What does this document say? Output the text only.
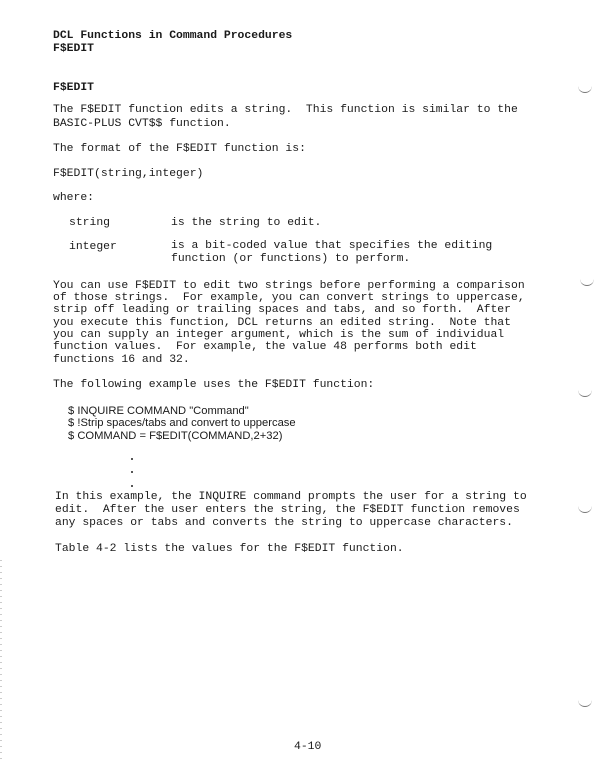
DCL Functions in Command Procedures
F$EDIT
F$EDIT
The F$EDIT function edits a string.  This function is similar to the
BASIC-PLUS CVT$$ function.
The format of the F$EDIT function is:
F$EDIT(string,integer)
where:
string	is the string to edit.
integer	is a bit-coded value that specifies the editing
function (or functions) to perform.
You can use F$EDIT to edit two strings before performing a comparison
of those strings.  For example, you can convert strings to uppercase,
strip off leading or trailing spaces and tabs, and so forth.  After
you execute this function, DCL returns an edited string.  Note that
you can supply an integer argument, which is the sum of individual
function values.  For example, the value 48 performs both edit
functions 16 and 32.
The following example uses the F$EDIT function:
$ INQUIRE COMMAND "Command"
$ !Strip spaces/tabs and convert to uppercase
$ COMMAND = F$EDIT(COMMAND,2+32)
In this example, the INQUIRE command prompts the user for a string to
edit.  After the user enters the string, the F$EDIT function removes
any spaces or tabs and converts the string to uppercase characters.
Table 4-2 lists the values for the F$EDIT function.
4-10
